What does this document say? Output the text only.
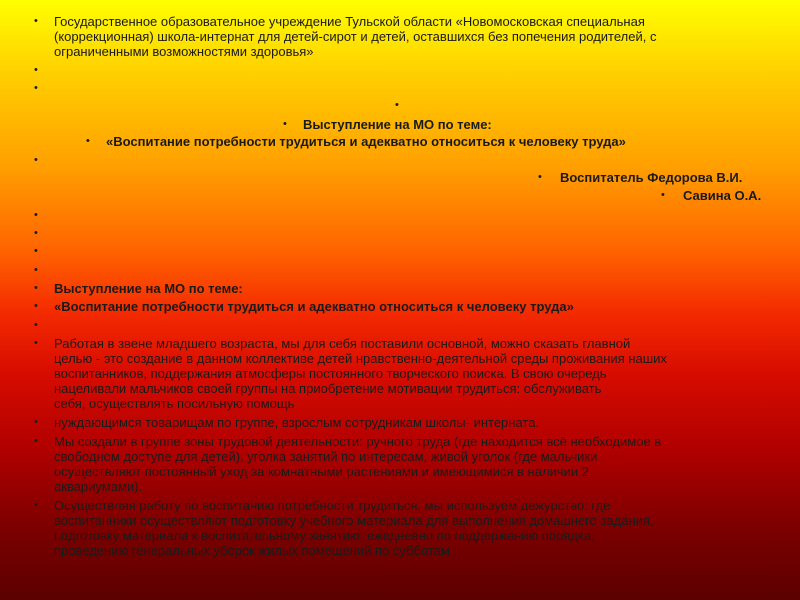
• Государственное образовательное учреждение Тульской области «Новомосковская специальная
(коррекционная) школа-интернат для детей-сирот и детей, оставшихся без попечения родителей, с
ограниченными возможностями здоровья»
•
•
•
• Выступление на МО по теме:
• «Воспитание потребности трудиться и адекватно относиться к человеку труда»
•
• Воспитатель Федорова В.И.
• Савина О.А.
•
•
•
•
• Выступление на МО по теме:
• «Воспитание потребности трудиться и адекватно относиться к человеку труда»
•
• Работая в звене младшего возраста, мы для себя поставили основной, можно сказать главной
целью - это создание в данном коллективе детей нравственно-деятельной среды проживания наших
воспитанников, поддержания атмосферы постоянного творческого поиска. В свою очередь
нацеливали мальчиков своей группы на приобретение мотивации трудиться: обслуживать
себя, осуществлять посильную помощь
• нуждающимся товарищам по группе, взрослым сотрудникам школы- интерната.
• Мы создали в группе зоны трудовой деятельности: ручного труда (где находится всё необходимое в
свободном доступе для детей), уголка занятий по интересам, живой уголок (где мальчики
осуществляют постоянный уход за комнатными растениями и имеющимися в наличии 2
аквариумами).
• Осуществляя работу по воспитанию потребности трудиться, мы используем дежурство: где
воспитанники осуществляют подготовку учебного материала для выполнения домашнего задания,
подготовку материала к воспитательному занятию, ежедневно по поддержанию порядка,
проведению генеральных уборок жилых помещений по субботам.
